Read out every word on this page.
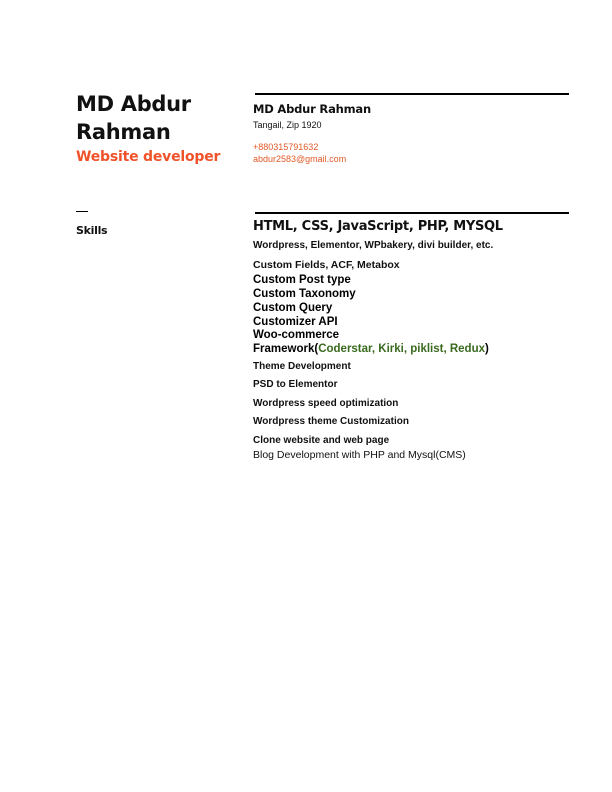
MD Abdur Rahman
Website developer
MD Abdur Rahman
Tangail, Zip 1920
+880315791632
abdur2583@gmail.com
Skills	HTML, CSS, JavaScript, PHP, MYSQL
Wordpress, Elementor, WPbakery, divi builder, etc.
Custom Fields, ACF, Metabox
Custom Post type
Custom Taxonomy
Custom Query
Customizer API
Woo-commerce
Framework(Coderstar, Kirki, piklist, Redux)
Theme Development
PSD to Elementor
Wordpress speed optimization
Wordpress theme Customization
Clone website and web page
Blog Development with PHP and Mysql(CMS)
